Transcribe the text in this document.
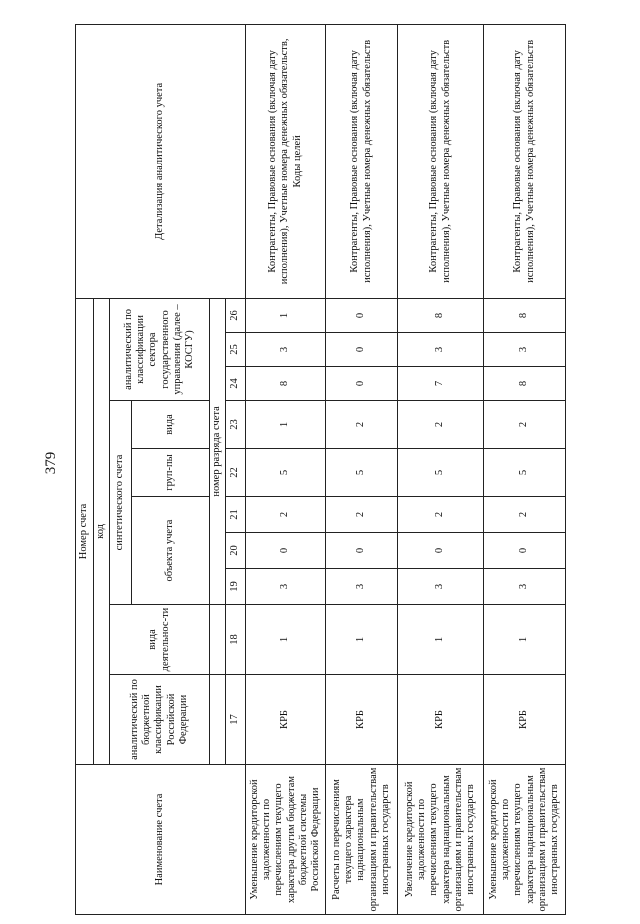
379
Наименование счета	Номер счета										Детализация аналитического учета
	код										
	аналитический по бюджетной классификации Российской Федерации	вида деятельнос-ти	синтетического счета					аналитический по классификации сектора государственного управления (далее – КОСГУ)			
			объекта учета			груп-пы	вида				
			номер разряда счета								
	17	18	19	20	21	22	23	24	25	26	
Уменьшение кредиторской задолженности по перечислениям текущего характера другим бюджетам бюджетной системы Российской Федерации	КРБ	1	3	0	2	5	1	8	3	1	Контрагенты, Правовые основания (включая дату исполнения), Учетные номера денежных обязательств, Коды целей
Расчеты по перечислениям текущего характера наднациональным организациям и правительствам иностранных государств	КРБ	1	3	0	2	5	2	0	0	0	Контрагенты, Правовые основания (включая дату исполнения), Учетные номера денежных обязательств
Увеличение кредиторской задолженности по перечислениям текущего характера наднациональным организациям и правительствам иностранных государств	КРБ	1	3	0	2	5	2	7	3	8	Контрагенты, Правовые основания (включая дату исполнения), Учетные номера денежных обязательств
Уменьшение кредиторской задолженности по перечислениям текущего характера наднациональным организациям и правительствам иностранных государств	КРБ	1	3	0	2	5	2	8	3	8	Контрагенты, Правовые основания (включая дату исполнения), Учетные номера денежных обязательств
